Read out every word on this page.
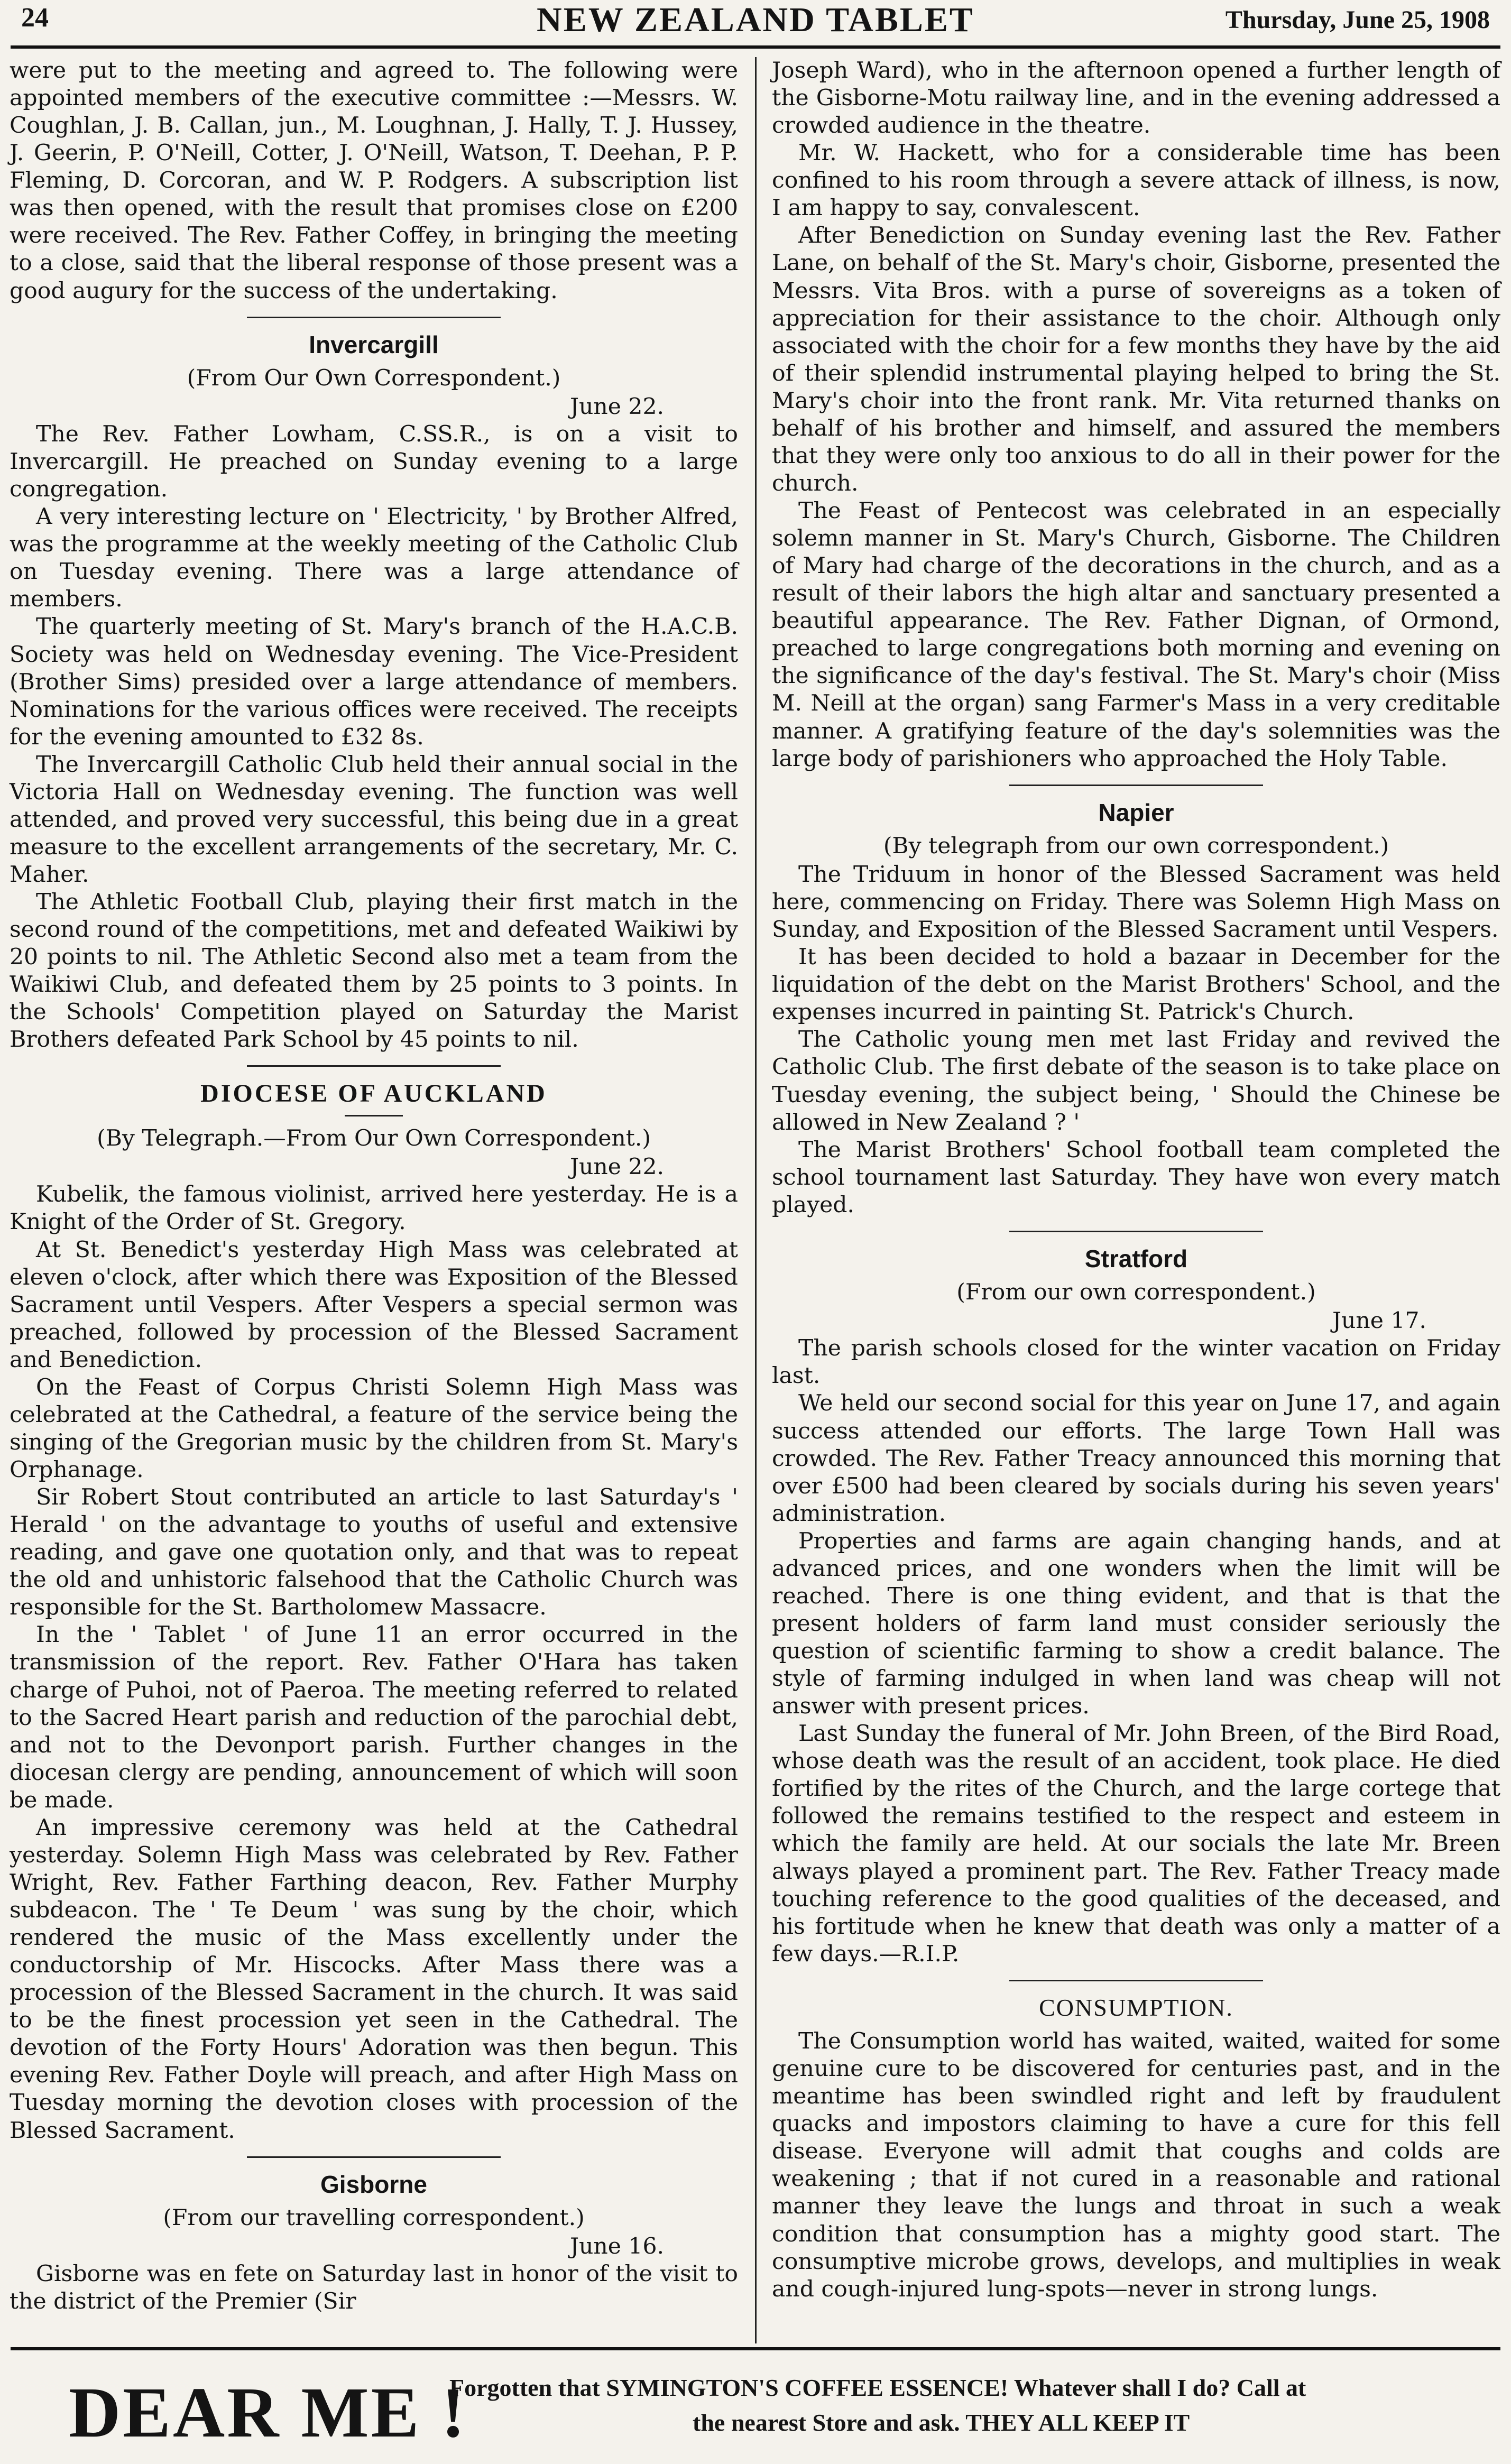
24	NEW ZEALAND TABLET	Thursday, June 25, 1908

were put to the meeting and agreed to. The following were appointed members of the executive committee :—Messrs. W. Coughlan, J. B. Callan, jun., M. Loughnan, J. Hally, T. J. Hussey, J. Geerin, P. O'Neill, Cotter, J. O'Neill, Watson, T. Deehan, P. P. Fleming, D. Corcoran, and W. P. Rodgers. A subscription list was then opened, with the result that promises close on £200 were received. The Rev. Father Coffey, in bringing the meeting to a close, said that the liberal response of those present was a good augury for the success of the undertaking.

Invercargill
(From Our Own Correspondent.)
June 22.

The Rev. Father Lowham, C.SS.R., is on a visit to Invercargill. He preached on Sunday evening to a large congregation.

A very interesting lecture on ' Electricity, ' by Brother Alfred, was the programme at the weekly meeting of the Catholic Club on Tuesday evening. There was a large attendance of members.

The quarterly meeting of St. Mary's branch of the H.A.C.B. Society was held on Wednesday evening. The Vice-President (Brother Sims) presided over a large attendance of members. Nominations for the various offices were received. The receipts for the evening amounted to £32 8s.

The Invercargill Catholic Club held their annual social in the Victoria Hall on Wednesday evening. The function was well attended, and proved very successful, this being due in a great measure to the excellent arrangements of the secretary, Mr. C. Maher.

The Athletic Football Club, playing their first match in the second round of the competitions, met and defeated Waikiwi by 20 points to nil. The Athletic Second also met a team from the Waikiwi Club, and defeated them by 25 points to 3 points. In the Schools' Competition played on Saturday the Marist Brothers defeated Park School by 45 points to nil.

DIOCESE OF AUCKLAND
(By Telegraph.—From Our Own Correspondent.)
June 22.

Kubelik, the famous violinist, arrived here yesterday. He is a Knight of the Order of St. Gregory.

At St. Benedict's yesterday High Mass was celebrated at eleven o'clock, after which there was Exposition of the Blessed Sacrament until Vespers. After Vespers a special sermon was preached, followed by procession of the Blessed Sacrament and Benediction.

On the Feast of Corpus Christi Solemn High Mass was celebrated at the Cathedral, a feature of the service being the singing of the Gregorian music by the children from St. Mary's Orphanage.

Sir Robert Stout contributed an article to last Saturday's ' Herald ' on the advantage to youths of useful and extensive reading, and gave one quotation only, and that was to repeat the old and unhistoric falsehood that the Catholic Church was responsible for the St. Bartholomew Massacre.

In the ' Tablet ' of June 11 an error occurred in the transmission of the report. Rev. Father O'Hara has taken charge of Puhoi, not of Paeroa. The meeting referred to related to the Sacred Heart parish and reduction of the parochial debt, and not to the Devonport parish. Further changes in the diocesan clergy are pending, announcement of which will soon be made.

An impressive ceremony was held at the Cathedral yesterday. Solemn High Mass was celebrated by Rev. Father Wright, Rev. Father Farthing deacon, Rev. Father Murphy subdeacon. The ' Te Deum ' was sung by the choir, which rendered the music of the Mass excellently under the conductorship of Mr. Hiscocks. After Mass there was a procession of the Blessed Sacrament in the church. It was said to be the finest procession yet seen in the Cathedral. The devotion of the Forty Hours' Adoration was then begun. This evening Rev. Father Doyle will preach, and after High Mass on Tuesday morning the devotion closes with procession of the Blessed Sacrament.

Gisborne
(From our travelling correspondent.)
June 16.

Gisborne was en fete on Saturday last in honor of the visit to the district of the Premier (Sir

Joseph Ward), who in the afternoon opened a further length of the Gisborne-Motu railway line, and in the evening addressed a crowded audience in the theatre.

Mr. W. Hackett, who for a considerable time has been confined to his room through a severe attack of illness, is now, I am happy to say, convalescent.

After Benediction on Sunday evening last the Rev. Father Lane, on behalf of the St. Mary's choir, Gisborne, presented the Messrs. Vita Bros. with a purse of sovereigns as a token of appreciation for their assistance to the choir. Although only associated with the choir for a few months they have by the aid of their splendid instrumental playing helped to bring the St. Mary's choir into the front rank. Mr. Vita returned thanks on behalf of his brother and himself, and assured the members that they were only too anxious to do all in their power for the church.

The Feast of Pentecost was celebrated in an especially solemn manner in St. Mary's Church, Gisborne. The Children of Mary had charge of the decorations in the church, and as a result of their labors the high altar and sanctuary presented a beautiful appearance. The Rev. Father Dignan, of Ormond, preached to large congregations both morning and evening on the significance of the day's festival. The St. Mary's choir (Miss M. Neill at the organ) sang Farmer's Mass in a very creditable manner. A gratifying feature of the day's solemnities was the large body of parishioners who approached the Holy Table.

Napier
(By telegraph from our own correspondent.)

The Triduum in honor of the Blessed Sacrament was held here, commencing on Friday. There was Solemn High Mass on Sunday, and Exposition of the Blessed Sacrament until Vespers.

It has been decided to hold a bazaar in December for the liquidation of the debt on the Marist Brothers' School, and the expenses incurred in painting St. Patrick's Church.

The Catholic young men met last Friday and revived the Catholic Club. The first debate of the season is to take place on Tuesday evening, the subject being, ' Should the Chinese be allowed in New Zealand ? '

The Marist Brothers' School football team completed the school tournament last Saturday. They have won every match played.

Stratford
(From our own correspondent.)
June 17.

The parish schools closed for the winter vacation on Friday last.

We held our second social for this year on June 17, and again success attended our efforts. The large Town Hall was crowded. The Rev. Father Treacy announced this morning that over £500 had been cleared by socials during his seven years' administration.

Properties and farms are again changing hands, and at advanced prices, and one wonders when the limit will be reached. There is one thing evident, and that is that the present holders of farm land must consider seriously the question of scientific farming to show a credit balance. The style of farming indulged in when land was cheap will not answer with present prices.

Last Sunday the funeral of Mr. John Breen, of the Bird Road, whose death was the result of an accident, took place. He died fortified by the rites of the Church, and the large cortege that followed the remains testified to the respect and esteem in which the family are held. At our socials the late Mr. Breen always played a prominent part. The Rev. Father Treacy made touching reference to the good qualities of the deceased, and his fortitude when he knew that death was only a matter of a few days.—R.I.P.

CONSUMPTION.

The Consumption world has waited, waited, waited for some genuine cure to be discovered for centuries past, and in the meantime has been swindled right and left by fraudulent quacks and impostors claiming to have a cure for this fell disease. Everyone will admit that coughs and colds are weakening ; that if not cured in a reasonable and rational manner they leave the lungs and throat in such a weak condition that consumption has a mighty good start. The consumptive microbe grows, develops, and multiplies in weak and cough-injured lung-spots—never in strong lungs.

DEAR ME !
Forgotten that SYMINGTON'S COFFEE ESSENCE! Whatever shall I do? Call at
the nearest Store and ask. THEY ALL KEEP IT
